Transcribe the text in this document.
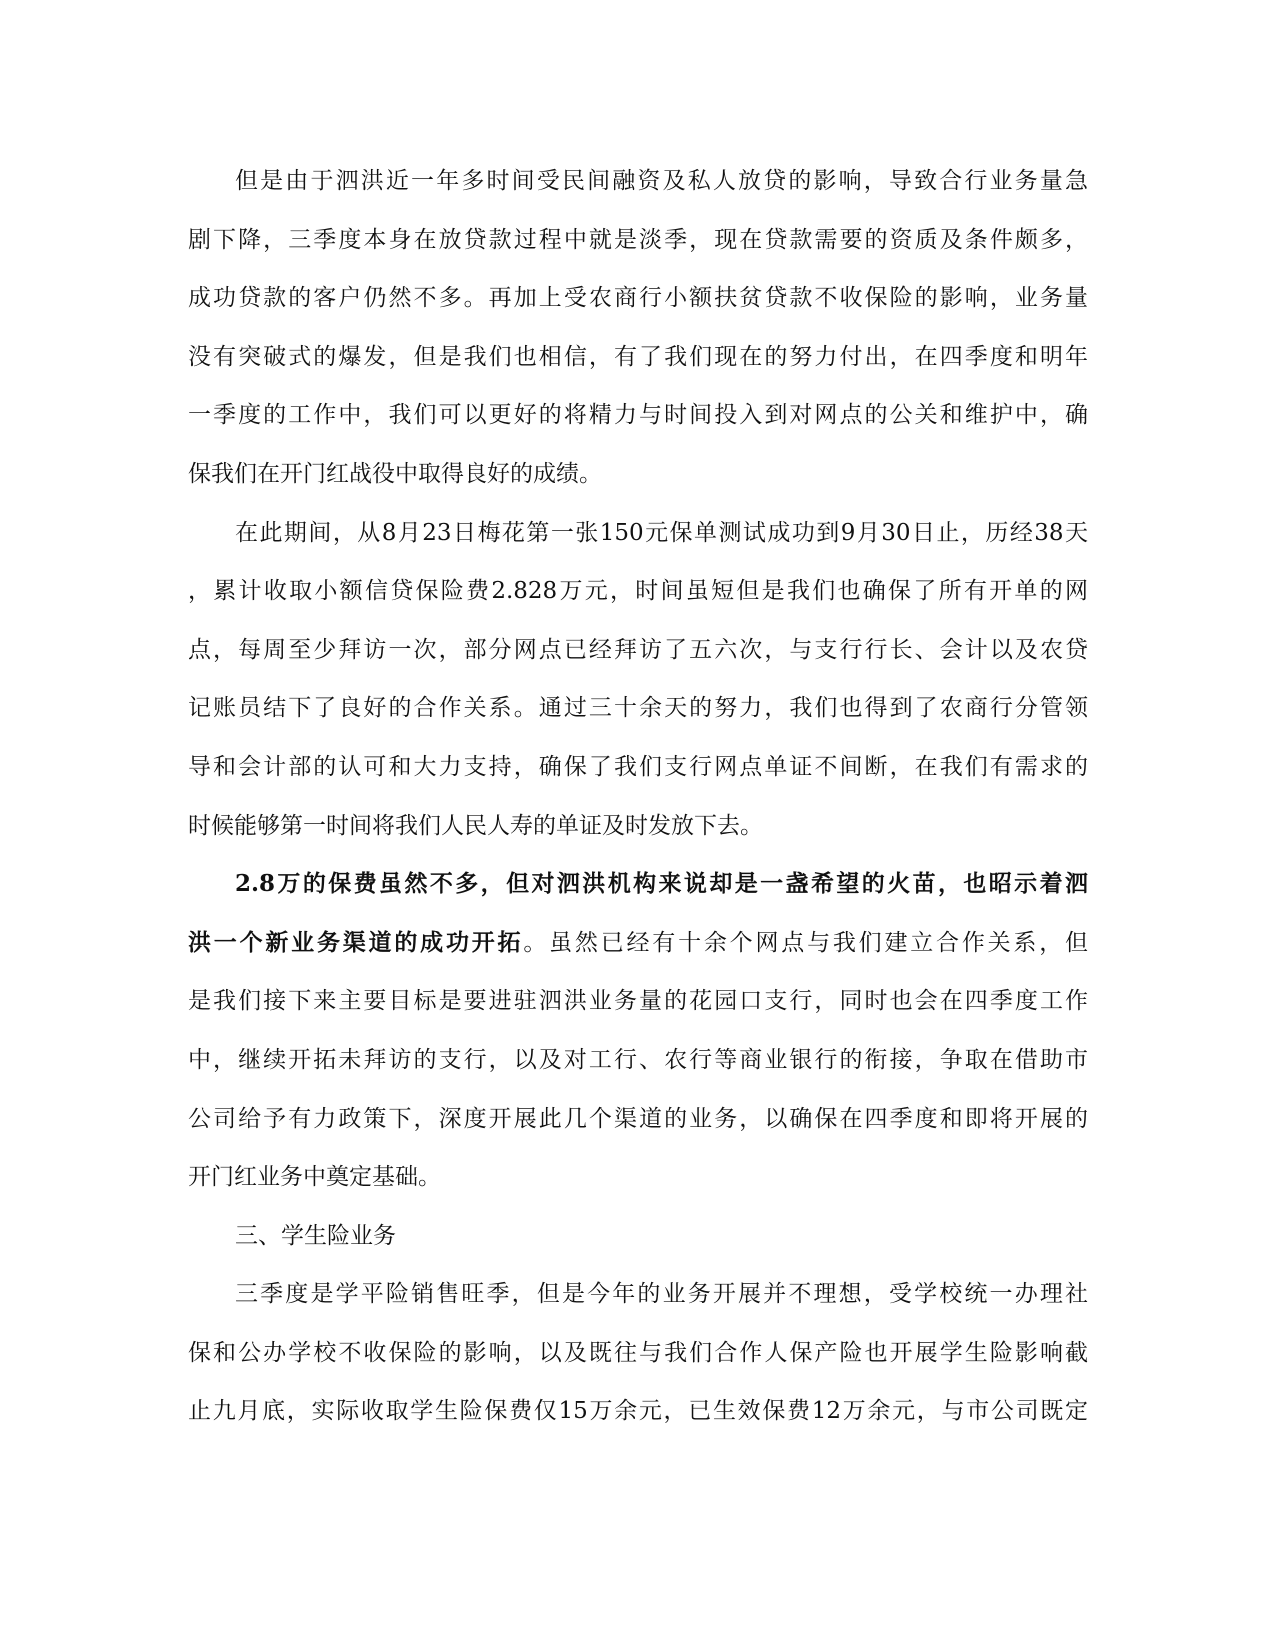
但是由于泗洪近一年多时间受民间融资及私人放贷的影响，导致合行业务量急
剧下降，三季度本身在放贷款过程中就是淡季，现在贷款需要的资质及条件颇多，
成功贷款的客户仍然不多。再加上受农商行小额扶贫贷款不收保险的影响，业务量
没有突破式的爆发，但是我们也相信，有了我们现在的努力付出，在四季度和明年
一季度的工作中，我们可以更好的将精力与时间投入到对网点的公关和维护中，确
保我们在开门红战役中取得良好的成绩。
在此期间，从8月23日梅花第一张150元保单测试成功到9月30日止，历经38天
，累计收取小额信贷保险费2.828万元，时间虽短但是我们也确保了所有开单的网
点，每周至少拜访一次，部分网点已经拜访了五六次，与支行行长、会计以及农贷
记账员结下了良好的合作关系。通过三十余天的努力，我们也得到了农商行分管领
导和会计部的认可和大力支持，确保了我们支行网点单证不间断，在我们有需求的
时候能够第一时间将我们人民人寿的单证及时发放下去。
2.8万的保费虽然不多，但对泗洪机构来说却是一盏希望的火苗，也昭示着泗
洪一个新业务渠道的成功开拓。虽然已经有十余个网点与我们建立合作关系，但
是我们接下来主要目标是要进驻泗洪业务量的花园口支行，同时也会在四季度工作
中，继续开拓未拜访的支行，以及对工行、农行等商业银行的衔接，争取在借助市
公司给予有力政策下，深度开展此几个渠道的业务，以确保在四季度和即将开展的
开门红业务中奠定基础。
三、学生险业务
三季度是学平险销售旺季，但是今年的业务开展并不理想，受学校统一办理社
保和公办学校不收保险的影响，以及既往与我们合作人保产险也开展学生险影响截
止九月底，实际收取学生险保费仅15万余元，已生效保费12万余元，与市公司既定
